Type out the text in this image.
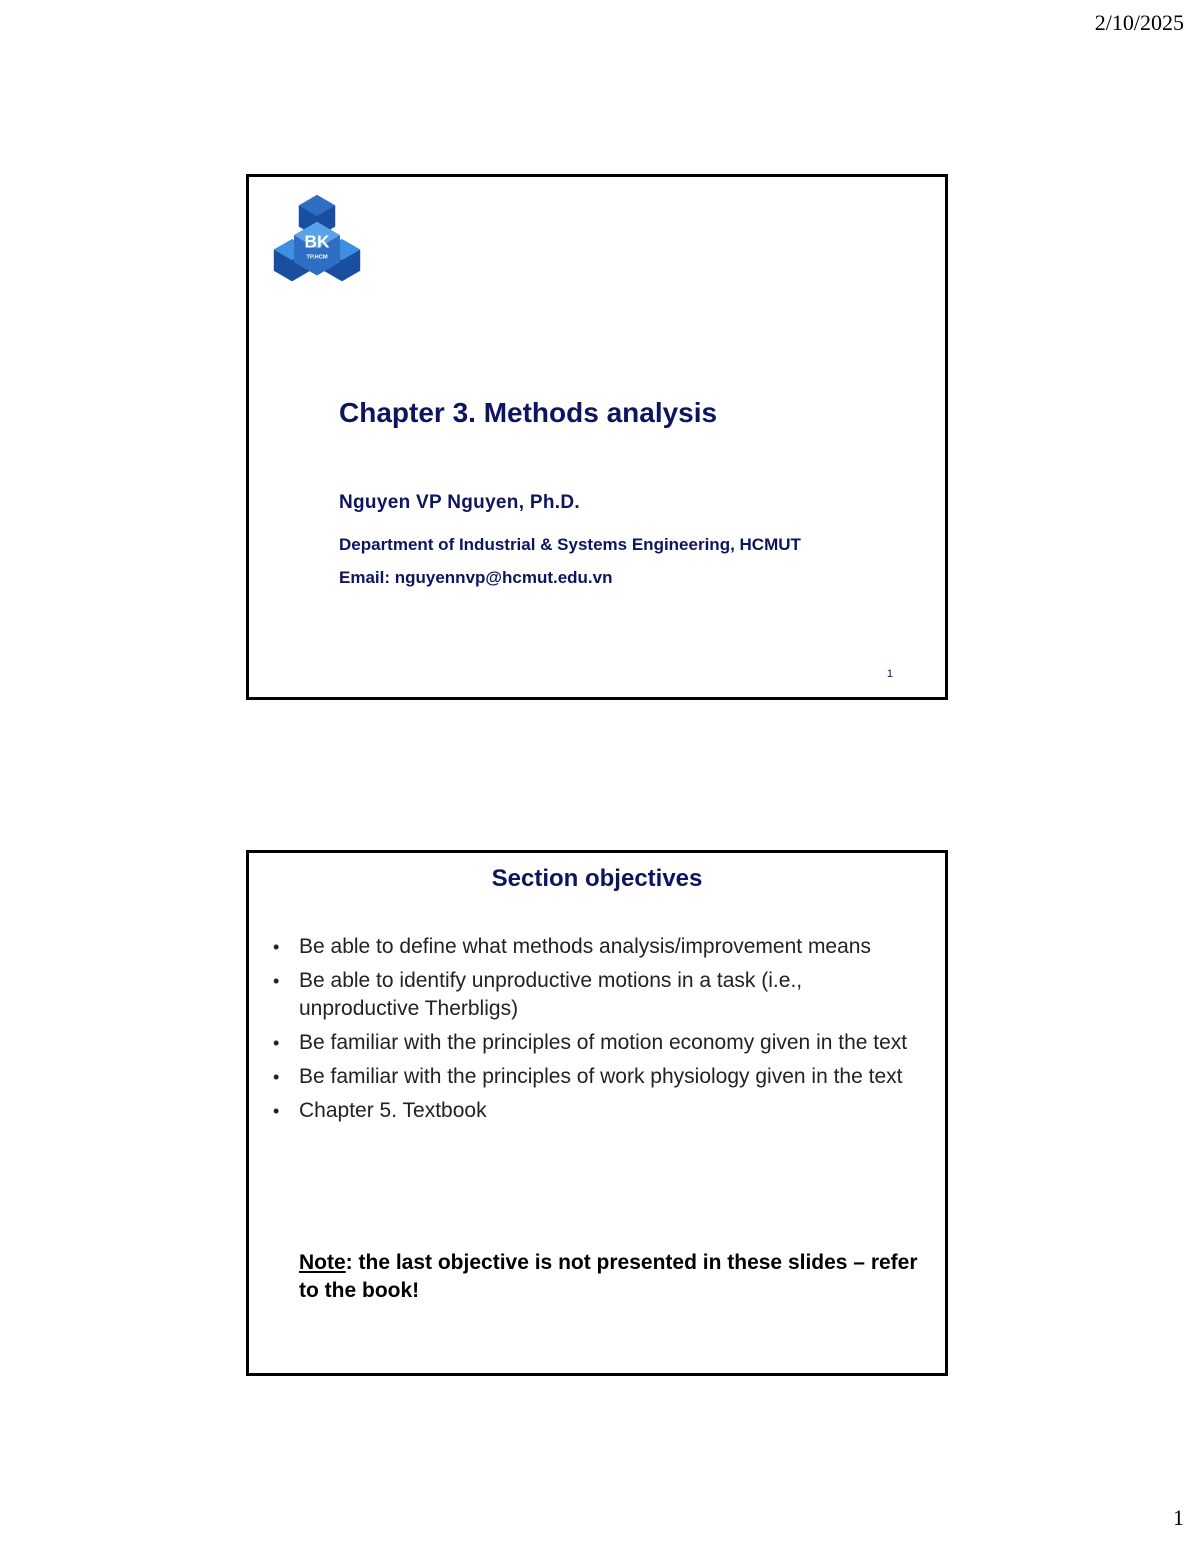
2/10/2025
BK
TP.HCM
Chapter 3. Methods analysis
Nguyen VP Nguyen, Ph.D.
Department of Industrial & Systems Engineering, HCMUT
Email: nguyennvp@hcmut.edu.vn
1
Section objectives
• Be able to define what methods analysis/improvement means
• Be able to identify unproductive motions in a task (i.e., unproductive Therbligs)
• Be familiar with the principles of motion economy given in the text
• Be familiar with the principles of work physiology given in the text
• Chapter 5. Textbook
Note: the last objective is not presented in these slides – refer to the book!
1
